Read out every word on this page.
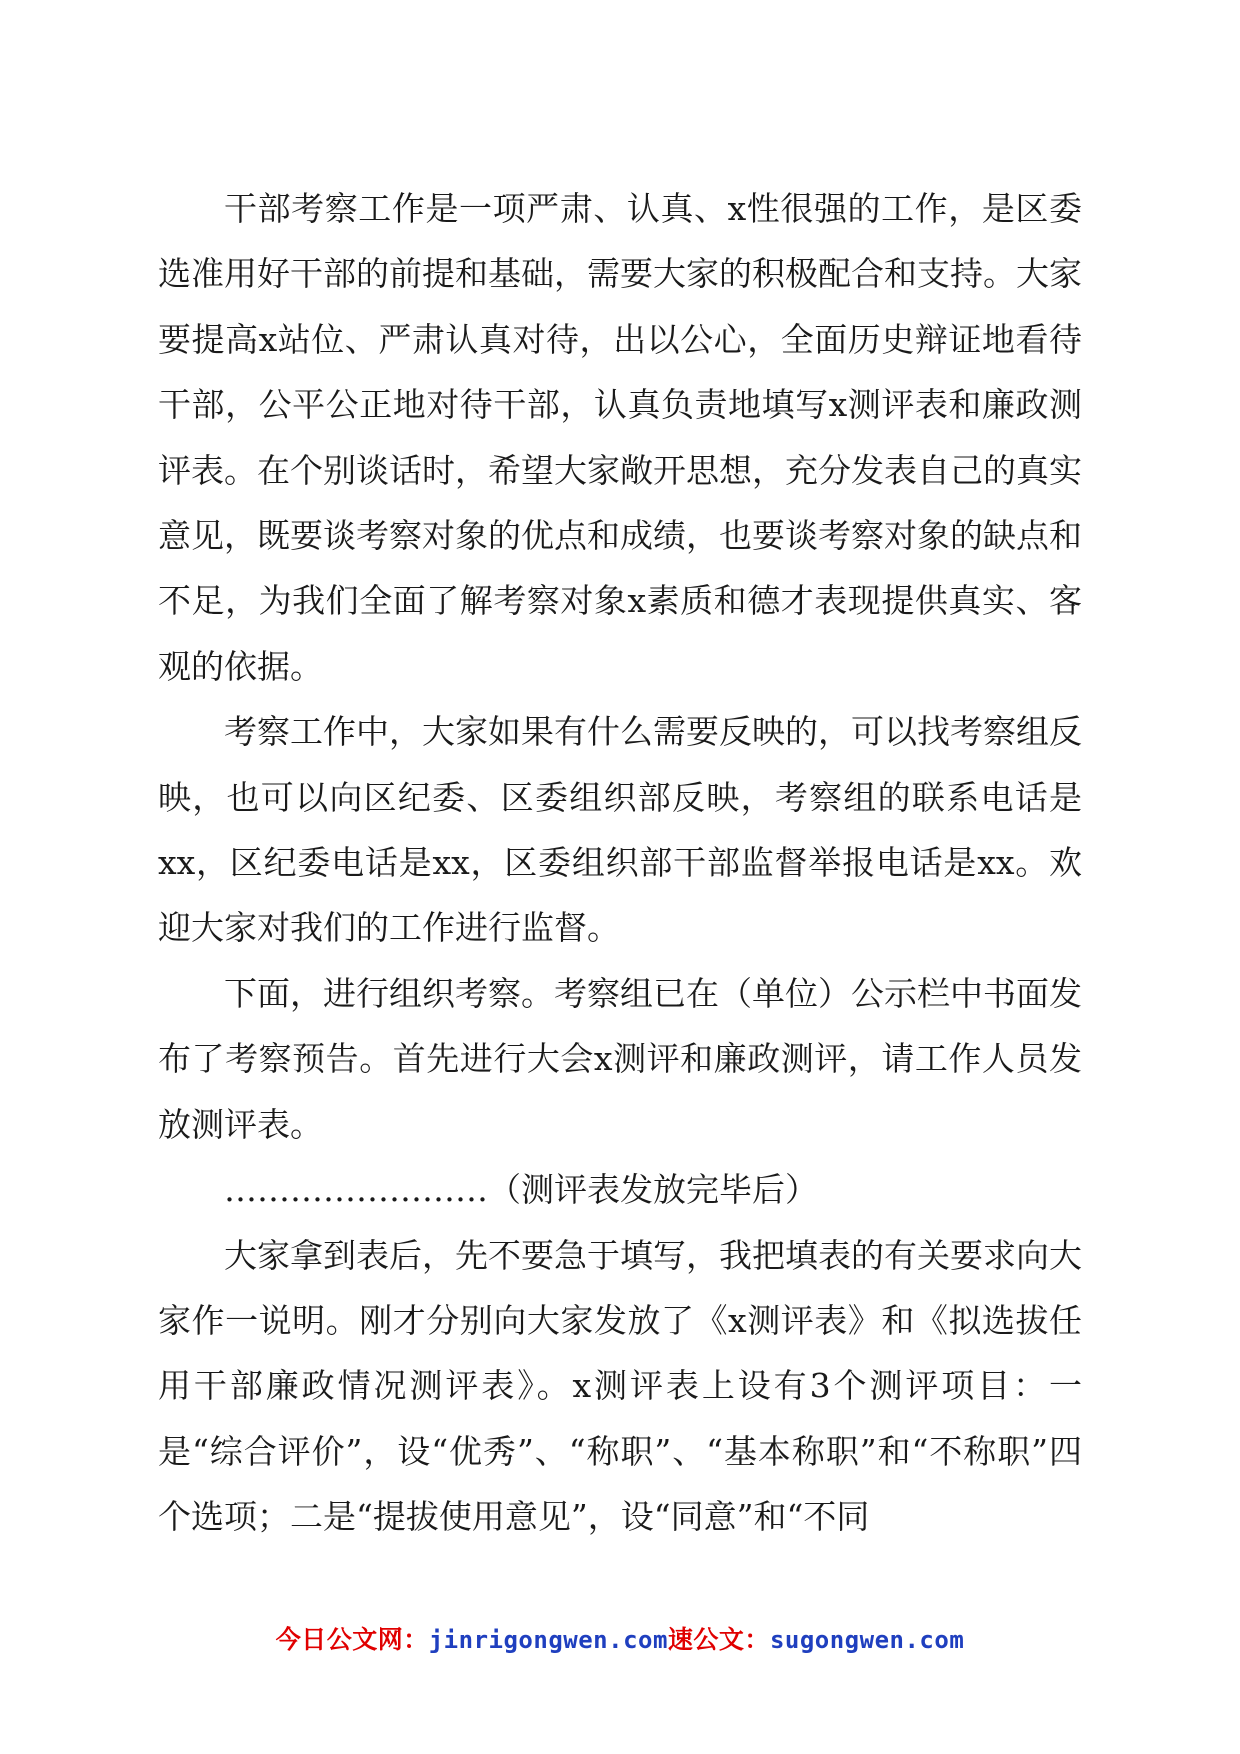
干部考察工作是一项严肃、认真、x性很强的工作，是区委选准用好干部的前提和基础，需要大家的积极配合和支持。大家要提高x站位、严肃认真对待，出以公心，全面历史辩证地看待干部，公平公正地对待干部，认真负责地填写x测评表和廉政测评表。在个别谈话时，希望大家敞开思想，充分发表自己的真实意见，既要谈考察对象的优点和成绩，也要谈考察对象的缺点和不足，为我们全面了解考察对象x素质和德才表现提供真实、客观的依据。

考察工作中，大家如果有什么需要反映的，可以找考察组反映，也可以向区纪委、区委组织部反映，考察组的联系电话是xx，区纪委电话是xx，区委组织部干部监督举报电话是xx。欢迎大家对我们的工作进行监督。

下面，进行组织考察。考察组已在（单位）公示栏中书面发布了考察预告。首先进行大会x测评和廉政测评，请工作人员发放测评表。

……………………（测评表发放完毕后）

大家拿到表后，先不要急于填写，我把填表的有关要求向大家作一说明。刚才分别向大家发放了《x测评表》和《拟选拔任用干部廉政情况测评表》。x测评表上设有3个测评项目：一是“综合评价”，设“优秀”、“称职”、“基本称职”和“不称职”四个选项；二是“提拔使用意见”，设“同意”和“不同

今日公文网：jinrigongwen.com速公文：sugongwen.com
